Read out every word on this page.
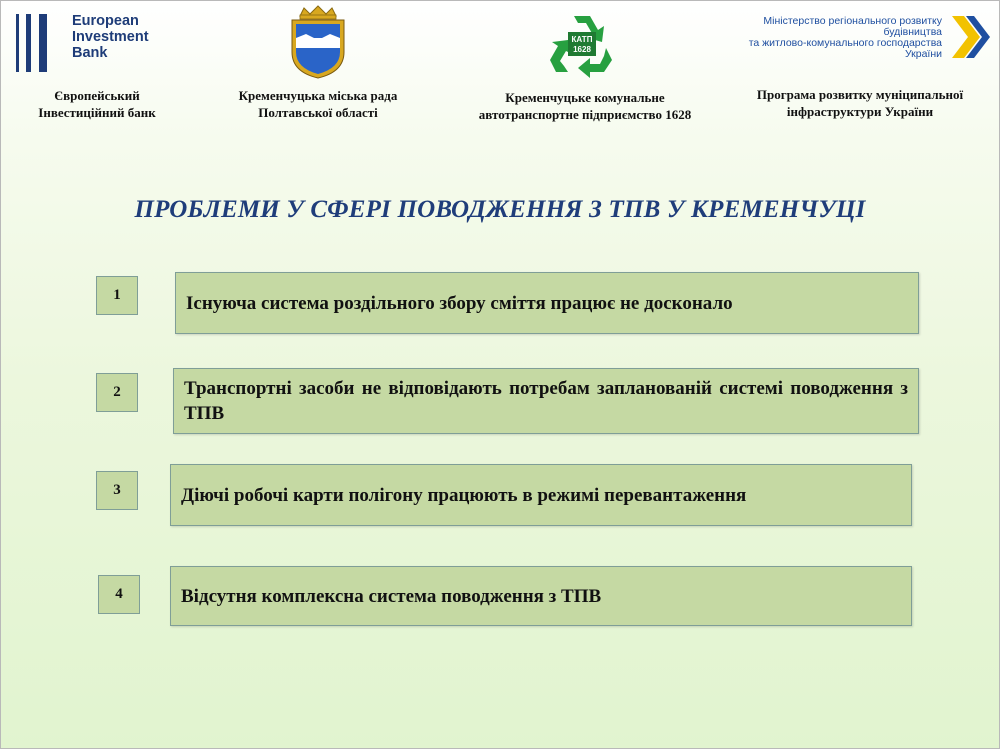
European
Investment
Bank
Європейський
Інвестиційний банк
Кременчуцька міська рада
Полтавської області
КАТП
1628
Кременчуцьке комунальне
автотранспортне підприємство 1628
Міністерство регіонального розвитку
будівництва
та житлово-комунального господарства
України
Програма розвитку муніципальної
інфраструктури України
ПРОБЛЕМИ У СФЕРІ ПОВОДЖЕННЯ З ТПВ У КРЕМЕНЧУЦІ
1	Існуюча система роздільного збору сміття працює не досконало
2	Транспортні засоби не відповідають потребам запланованій системі поводження з ТПВ
3	Діючі робочі карти полігону працюють в режимі перевантаження
4	Відсутня комплексна система поводження з ТПВ
